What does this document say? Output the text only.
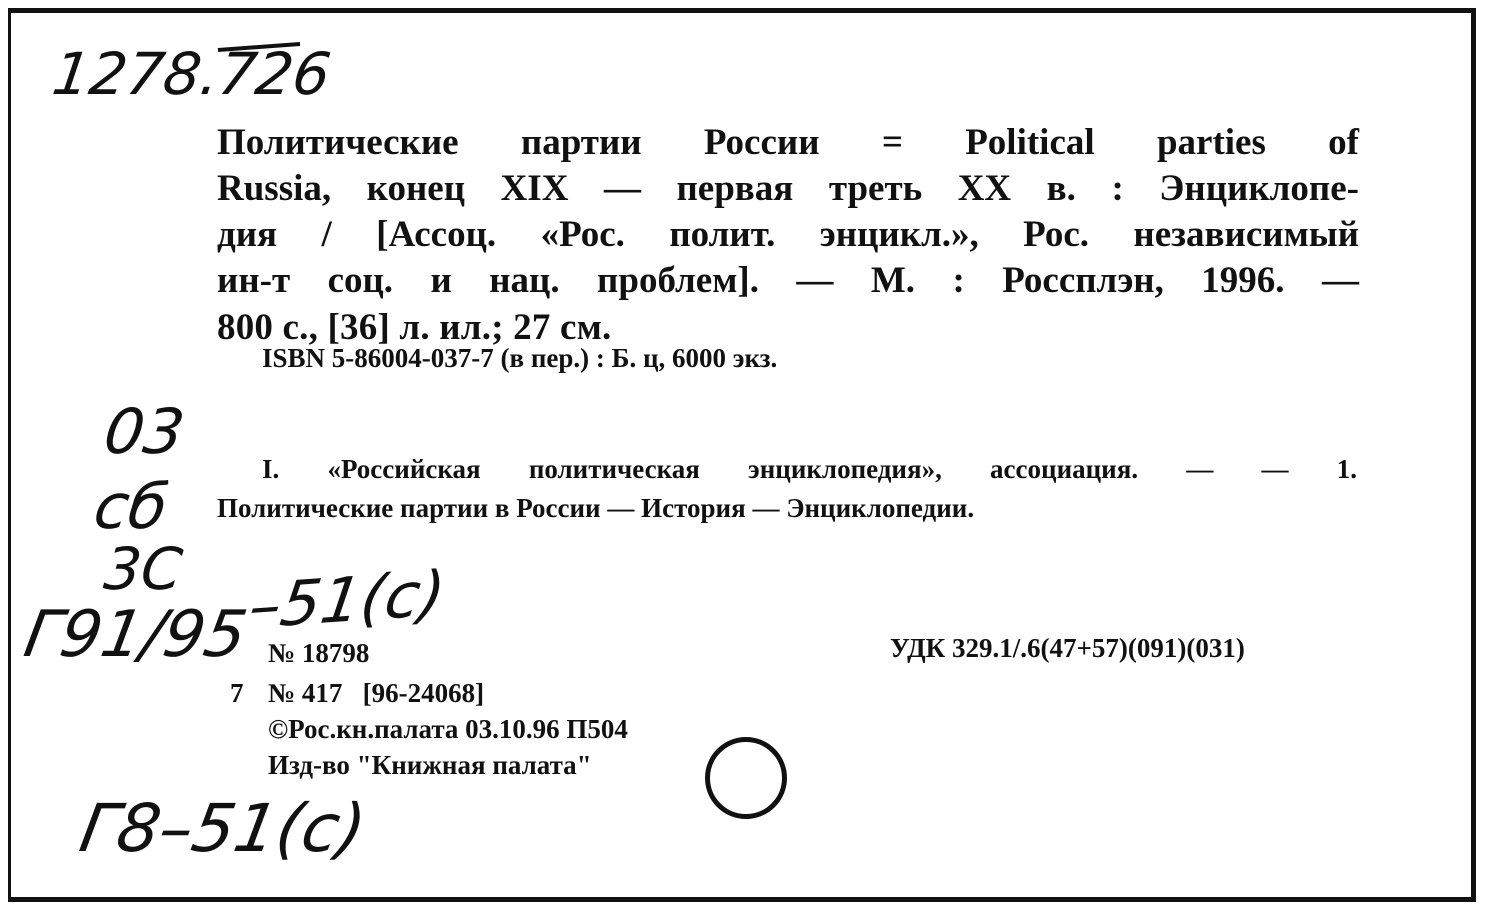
1278.726
03
сб
3С
Г91/95
–51(с)
Г8–51(с)
Политические партии России = Political parties of
Russia, конец XIX — первая треть XX в. : Энциклопе-
дия / [Ассоц. «Рос. полит. энцикл.», Рос. независимый
ин-т соц. и нац. проблем]. — М. : Россплэн, 1996. —
800 с., [36] л. ил.; 27 см.
ISBN 5-86004-037-7 (в пер.) : Б. ц, 6000 экз.
I. «Российская политическая энциклопедия», ассоциация. — — 1.
Политические партии в России — История — Энциклопедии.
№ 18798	УДК 329.1/.6(47+57)(091)(031)
7 № 417   [96-24068]
©Рос.кн.палата 03.10.96 П504
Изд-во "Книжная палата"
